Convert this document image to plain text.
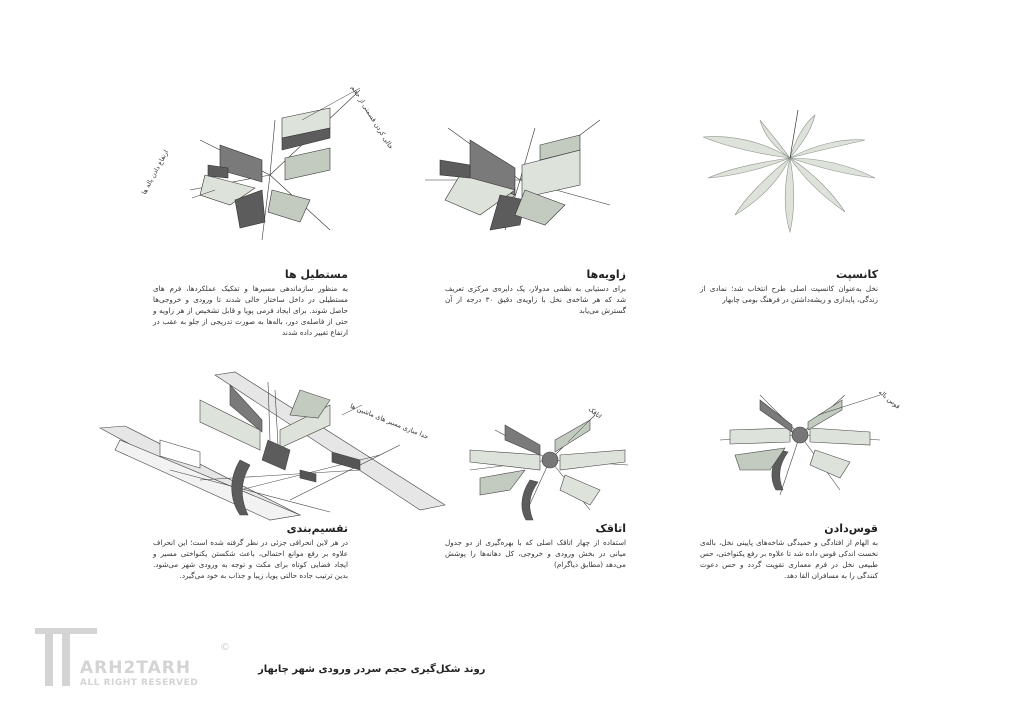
کانسپت
نخل به‌عنوان کانسپت اصلی طرح انتخاب شد؛ نمادی از زندگی، پایداری و ریشه‌داشتن در فرهنگ بومی چابهار
زاویه‌ها
برای دستیابی به نظمی مدولار، یک دایره‌ی مرکزی تعریف شد که هر شاخه‌ی نخل با زاویه‌ی دقیق ۳۰ درجه از آن گسترش می‌یابد
مستطیل ها
به منظور سازماندهی مسیرها و تفکیک عملکردها، فرم های مستطیلی در داخل ساختار خالی شدند تا ورودی و خروجی‌ها حاصل شوند. برای ایجاد فرمی پویا و قابل تشخیص از هر زاویه و حتی از فاصله‌ی دور، باله‌ها به صورت تدریجی از جلو به عقب در ارتفاع تغییر داده شدند
قوس‌دادن
به الهام از افتادگی و خمیدگی شاخه‌های پایینی نخل، باله‌ی نخست اندکی قوس داده شد تا علاوه بر رفع یکنواختی، حس طبیعی نخل در فرم معماری تقویت گردد و حس دعوت کنندگی را به مسافران القا دهد.
اتاقک
استفاده از چهار اتاقک اصلی که با بهره‌گیری از دو جدول میانی در بخش ورودی و خروجی، کل دهانه‌ها را پوشش می‌دهد (مطابق دیاگرام)
تقسیم‌بندی
در هر لاین انحرافی جزئی در نظر گرفته شده است؛ این انحراف علاوه بر رفع موانع احتمالی، باعث شکستن یکنواختی مسیر و ایجاد فضایی کوتاه برای مکث و توجه به ورودی شهر می‌شود. بدین ترتیب جاده حالتی پویا، زیبا و جذاب به خود می‌گیرد.
خالی کردن قسمتی از حجم
ارتفاع دادن باله ها
جدا سازی مسیر های ماشین ها	اتاقک
قوس باله
ARH2TARH
ALL RIGHT RESERVED
©
روند شکل‌گیری حجم سردر ورودی شهر چابهار
